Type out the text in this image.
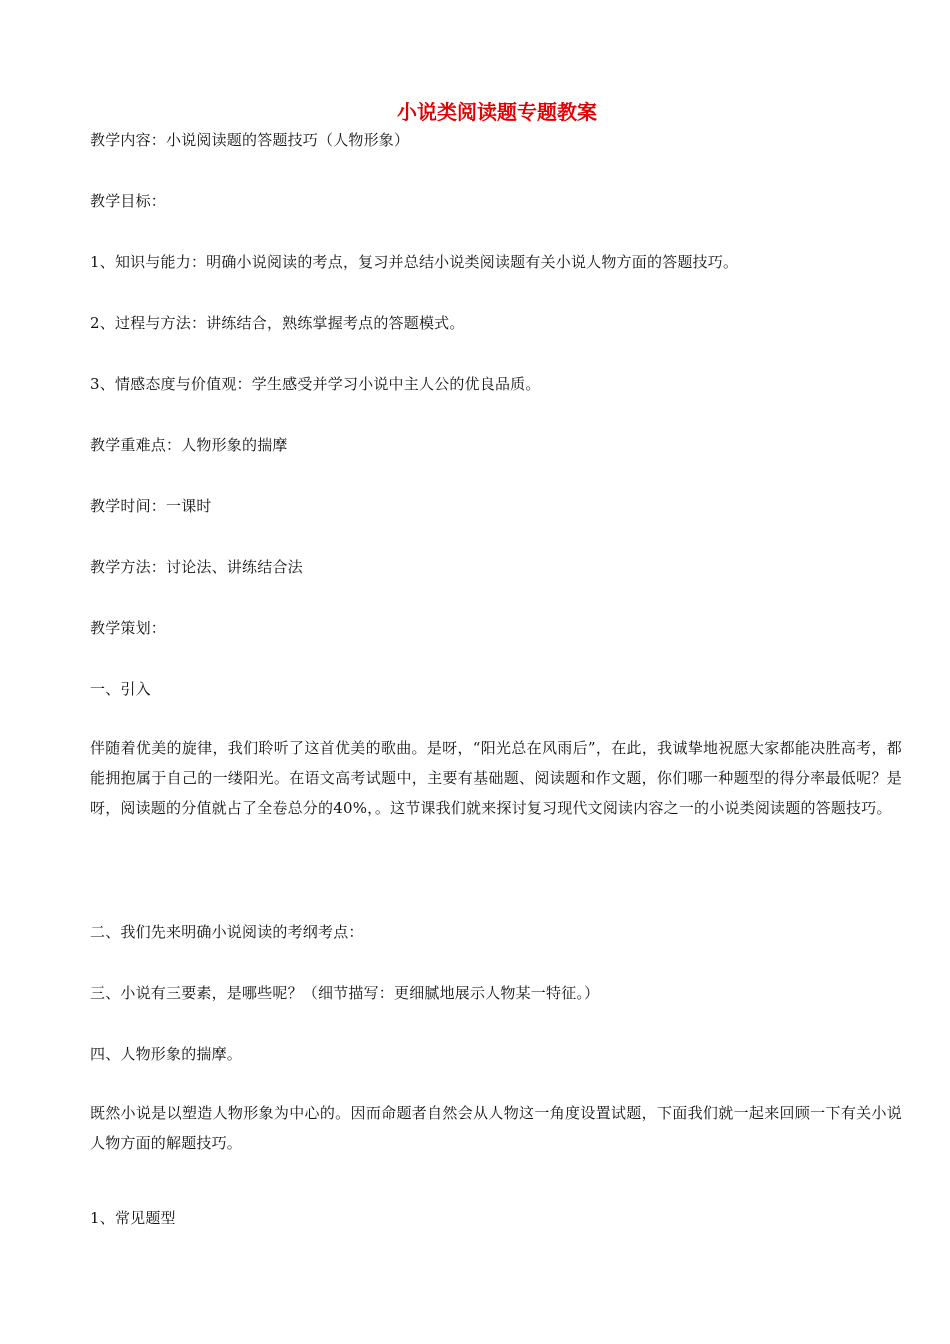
小说类阅读题专题教案
教学内容：小说阅读题的答题技巧（人物形象）
教学目标：
1、知识与能力：明确小说阅读的考点，复习并总结小说类阅读题有关小说人物方面的答题技巧。
2、过程与方法：讲练结合，熟练掌握考点的答题模式。
3、情感态度与价值观：学生感受并学习小说中主人公的优良品质。
教学重难点：人物形象的揣摩
教学时间：一课时
教学方法：讨论法、讲练结合法
教学策划：
一、引入
伴随着优美的旋律，我们聆听了这首优美的歌曲。是呀，“阳光总在风雨后”，在此，我诚挚地祝愿大家都能决胜高考，都能拥抱属于自己的一缕阳光。在语文高考试题中，主要有基础题、阅读题和作文题，你们哪一种题型的得分率最低呢？是呀，阅读题的分值就占了全卷总分的40%，。这节课我们就来探讨复习现代文阅读内容之一的小说类阅读题的答题技巧。
二、我们先来明确小说阅读的考纲考点：
三、小说有三要素，是哪些呢？（细节描写：更细腻地展示人物某一特征。）
四、人物形象的揣摩。
既然小说是以塑造人物形象为中心的。因而命题者自然会从人物这一角度设置试题，下面我们就一起来回顾一下有关小说人物方面的解题技巧。
1、常见题型
